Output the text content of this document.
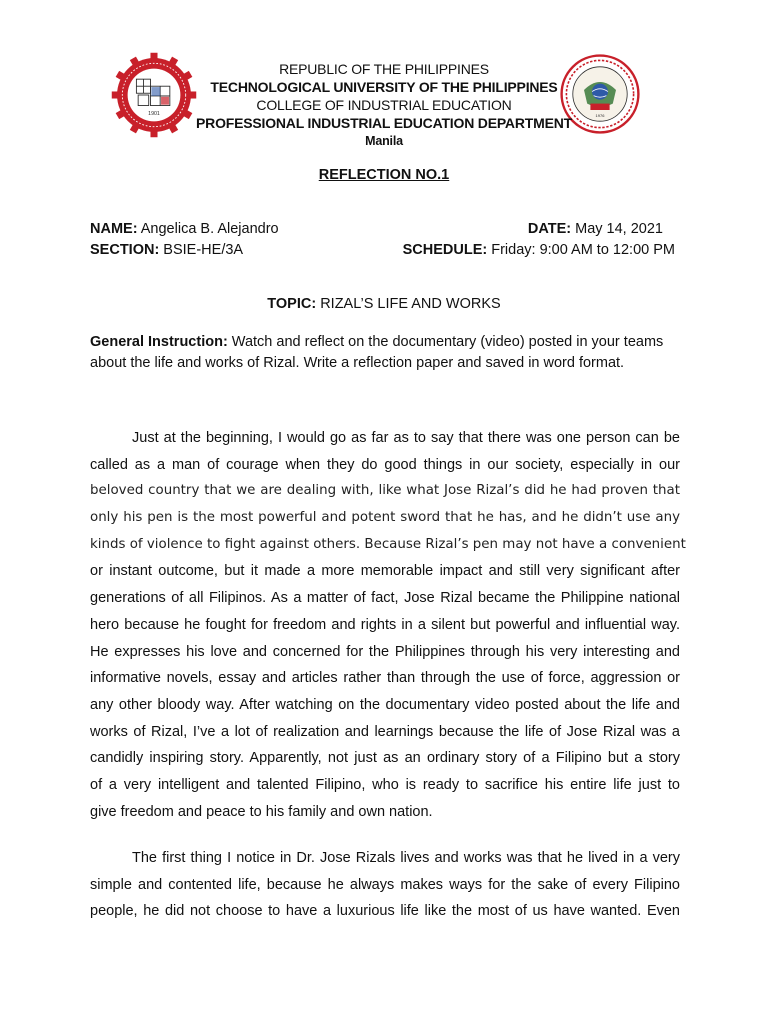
1901	1976
REPUBLIC OF THE PHILIPPINES
TECHNOLOGICAL UNIVERSITY OF THE PHILIPPINES
COLLEGE OF INDUSTRIAL EDUCATION
PROFESSIONAL INDUSTRIAL EDUCATION DEPARTMENT
Manila
REFLECTION NO.1
NAME: Angelica B. Alejandro
SECTION: BSIE-HE/3A
DATE: May 14, 2021
SCHEDULE: Friday: 9:00 AM to 12:00 PM
TOPIC: RIZAL’S LIFE AND WORKS
General Instruction: Watch and reflect on the documentary (video) posted in your teams about the life and works of Rizal. Write a reflection paper and saved in word format.
Just at the beginning, I would go as far as to say that there was one person can be
called as a man of courage when they do good things in our society, especially in our
beloved country that we are dealing with, like what Jose Rizal’s did he had proven that
only his pen is the most powerful and potent sword that he has, and he didn’t use any
kinds of violence to fight against others. Because Rizal’s pen may not have a convenient
or instant outcome, but it made a more memorable impact and still very significant after
generations of all Filipinos. As a matter of fact, Jose Rizal became the Philippine national
hero because he fought for freedom and rights in a silent but powerful and influential way.
He expresses his love and concerned for the Philippines through his very interesting and
informative novels, essay and articles rather than through the use of force, aggression or
any other bloody way. After watching on the documentary video posted about the life and
works of Rizal, I’ve a lot of realization and learnings because the life of Jose Rizal was a
candidly inspiring story. Apparently, not just as an ordinary story of a Filipino but a story
of a very intelligent and talented Filipino, who is ready to sacrifice his entire life just to
give freedom and peace to his family and own nation.
The first thing I notice in Dr. Jose Rizals lives and works was that he lived in a very
simple and contented life, because he always makes ways for the sake of every Filipino
people, he did not choose to have a luxurious life like the most of us have wanted. Even
